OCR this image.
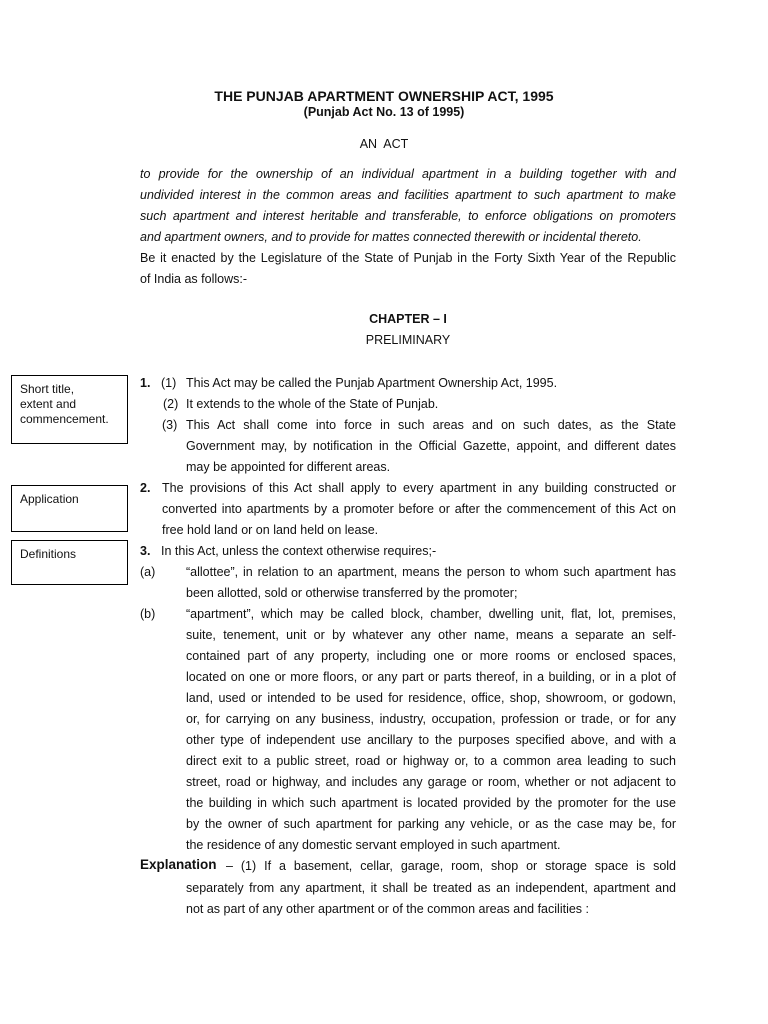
THE PUNJAB APARTMENT OWNERSHIP ACT, 1995
(Punjab Act No. 13 of 1995)
AN  ACT
to provide for the ownership of an individual apartment in a building together with and
undivided interest in the common areas and facilities apartment to such apartment to make
such apartment and interest heritable and transferable, to enforce obligations on promoters
and apartment owners, and to provide for mattes connected therewith or incidental thereto.
Be it enacted by the Legislature of the State of Punjab in the Forty Sixth Year of the Republic
of India as follows:-
CHAPTER – I
PRELIMINARY
Short title,
extent and
commencement.
Application
Definitions
1. (1) This Act may be called the Punjab Apartment Ownership Act, 1995.
(2) It extends to the whole of the State of Punjab.
(3) This Act shall come into force in such areas and on such dates, as the State
Government may, by notification in the Official Gazette, appoint, and different dates
may be appointed for different areas.
2. The provisions of this Act shall apply to every apartment in any building constructed or
converted into apartments by a promoter before or after the commencement of this Act on
free hold land or on land held on lease.
3. In this Act, unless the context otherwise requires;-
(a) “allottee”, in relation to an apartment, means the person to whom such apartment has
been allotted, sold or otherwise transferred by the promoter;
(b) “apartment”, which may be called block, chamber, dwelling unit, flat, lot, premises,
suite, tenement, unit or by whatever any other name, means a separate an self-
contained part of any property, including one or more rooms or enclosed spaces,
located on one or more floors, or any part or parts thereof, in a building, or in a plot of
land, used or intended to be used for residence, office, shop, showroom, or godown,
or, for carrying on any business, industry, occupation, profession or trade, or for any
other type of independent use ancillary to the purposes specified above, and with a
direct exit to a public street, road or highway or, to a common area leading to such
street, road or highway, and includes any garage or room, whether or not adjacent to
the building in which such apartment is located provided by the promoter for the use
by the owner of such apartment for parking any vehicle, or as the case may be, for
the residence of any domestic servant employed in such apartment.
Explanation – (1) If a basement, cellar, garage, room, shop or storage space is sold
separately from any apartment, it shall be treated as an independent, apartment and
not as part of any other apartment or of the common areas and facilities :
